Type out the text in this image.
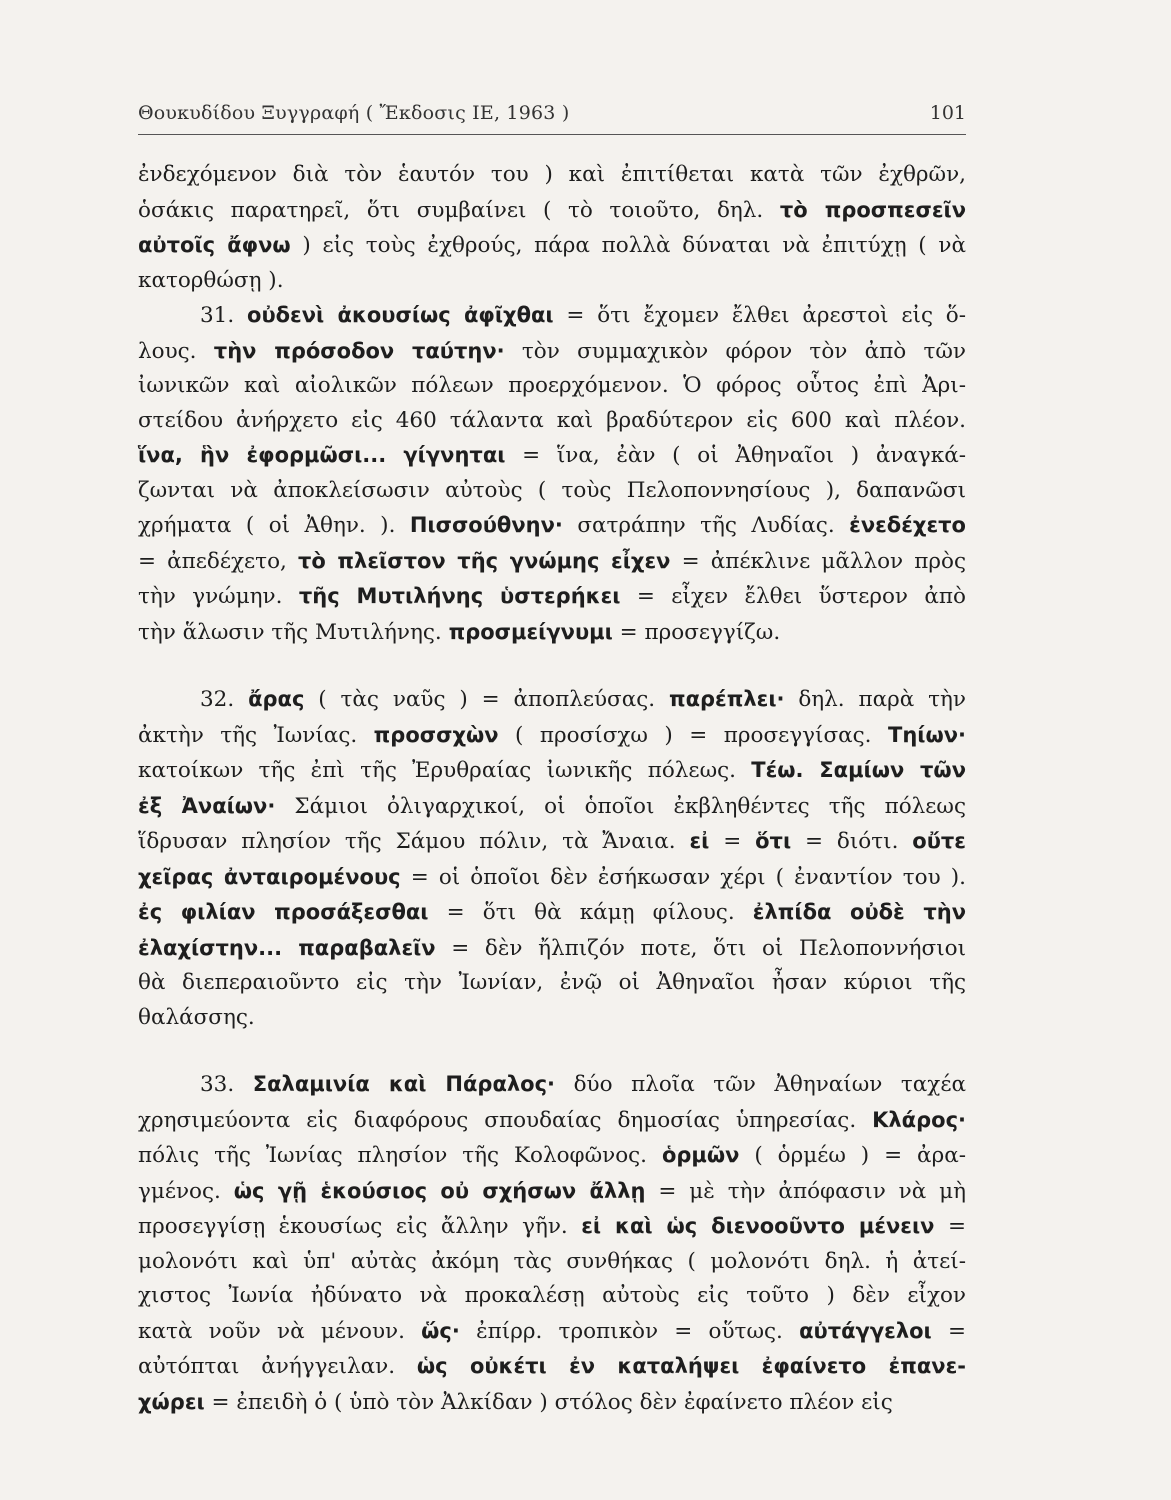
Θουκυδίδου Ξυγγραφή ( Ἔκδοσις ΙΕ, 1963 )	101
ἐνδεχόμενον διὰ τὸν ἑαυτόν του ) καὶ ἐπιτίθεται κατὰ τῶν ἐχθρῶν,
ὁσάκις παρατηρεῖ, ὅτι συμβαίνει ( τὸ τοιοῦτο, δηλ. τὸ προσπεσεῖν
αὐτοῖς ἄφνω ) εἰς τοὺς ἐχθρούς, πάρα πολλὰ δύναται νὰ ἐπιτύχῃ ( νὰ
κατορθώσῃ ).
31. οὐδενὶ ἀκουσίως ἀφῖχθαι = ὅτι ἔχομεν ἔλθει ἀρεστοὶ εἰς ὅ-
λους. τὴν πρόσοδον ταύτην· τὸν συμμαχικὸν φόρον τὸν ἀπὸ τῶν
ἰωνικῶν καὶ αἰολικῶν πόλεων προερχόμενον. Ὁ φόρος οὗτος ἐπὶ Ἀρι-
στείδου ἀνήρχετο εἰς 460 τάλαντα καὶ βραδύτερον εἰς 600 καὶ πλέον.
ἵνα, ἣν ἐφορμῶσι... γίγνηται = ἵνα, ἐὰν ( οἱ Ἀθηναῖοι ) ἀναγκά-
ζωνται νὰ ἀποκλείσωσιν αὐτοὺς ( τοὺς Πελοποννησίους ), δαπανῶσι
χρήματα ( οἱ Ἀθην. ). Πισσούθνην· σατράπην τῆς Λυδίας. ἐνεδέχετο
= ἀπεδέχετο, τὸ πλεῖστον τῆς γνώμης εἶχεν = ἀπέκλινε μᾶλλον πρὸς
τὴν γνώμην. τῆς Μυτιλήνης ὑστερήκει = εἶχεν ἔλθει ὕστερον ἀπὸ
τὴν ἅλωσιν τῆς Μυτιλήνης. προσμείγνυμι = προσεγγίζω.
32. ἄρας ( τὰς ναῦς ) = ἀποπλεύσας. παρέπλει· δηλ. παρὰ τὴν
ἀκτὴν τῆς Ἰωνίας. προσσχὼν ( προσίσχω ) = προσεγγίσας. Τηίων·
κατοίκων τῆς ἐπὶ τῆς Ἐρυθραίας ἰωνικῆς πόλεως. Τέω. Σαμίων τῶν
ἐξ Ἀναίων· Σάμιοι ὀλιγαρχικοί, οἱ ὁποῖοι ἐκβληθέντες τῆς πόλεως
ἵδρυσαν πλησίον τῆς Σάμου πόλιν, τὰ Ἄναια. εἰ = ὅτι = διότι. οὔτε
χεῖρας ἀνταιρομένους = οἱ ὁποῖοι δὲν ἐσήκωσαν χέρι ( ἐναντίον του ).
ἐς φιλίαν προσάξεσθαι = ὅτι θὰ κάμῃ φίλους. ἐλπίδα οὐδὲ τὴν
ἐλαχίστην... παραβαλεῖν = δὲν ἤλπιζόν ποτε, ὅτι οἱ Πελοποννήσιοι
θὰ διεπεραιοῦντο εἰς τὴν Ἰωνίαν, ἐνῷ οἱ Ἀθηναῖοι ἦσαν κύριοι τῆς
θαλάσσης.
33. Σαλαμινία καὶ Πάραλος· δύο πλοῖα τῶν Ἀθηναίων ταχέα
χρησιμεύοντα εἰς διαφόρους σπουδαίας δημοσίας ὑπηρεσίας. Κλάρος·
πόλις τῆς Ἰωνίας πλησίον τῆς Κολοφῶνος. ὁρμῶν ( ὁρμέω ) = ἀρα-
γμένος. ὡς γῇ ἑκούσιος οὐ σχήσων ἄλλῃ = μὲ τὴν ἀπόφασιν νὰ μὴ
προσεγγίσῃ ἑκουσίως εἰς ἄλλην γῆν. εἰ καὶ ὡς διενοοῦντο μένειν =
μολονότι καὶ ὑπ' αὐτὰς ἀκόμη τὰς συνθήκας ( μολονότι δηλ. ἡ ἀτεί-
χιστος Ἰωνία ἠδύνατο νὰ προκαλέσῃ αὐτοὺς εἰς τοῦτο ) δὲν εἶχον
κατὰ νοῦν νὰ μένουν. ὥς· ἐπίρρ. τροπικὸν = οὕτως. αὐτάγγελοι =
αὐτόπται ἀνήγγειλαν. ὡς οὐκέτι ἐν καταλήψει ἐφαίνετο ἐπανε-
χώρει = ἐπειδὴ ὁ ( ὑπὸ τὸν Ἀλκίδαν ) στόλος δὲν ἐφαίνετο πλέον εἰς
